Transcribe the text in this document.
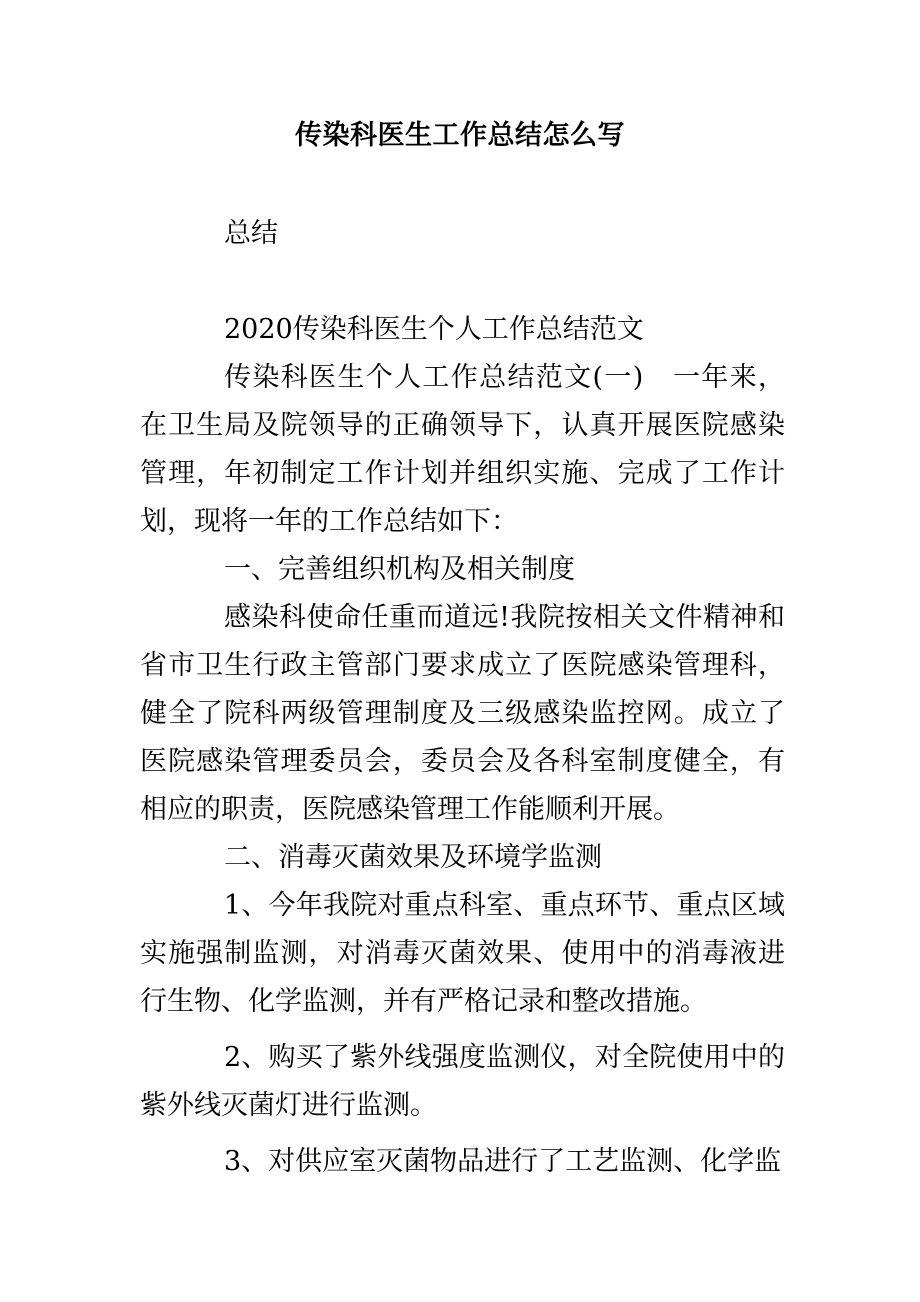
传染科医生工作总结怎么写
总结

2020传染科医生个人工作总结范文

传染科医生个人工作总结范文(一)　一年来，在卫生局及院领导的正确领导下，认真开展医院感染管理，年初制定工作计划并组织实施、完成了工作计划，现将一年的工作总结如下：

一、完善组织机构及相关制度

感染科使命任重而道远!我院按相关文件精神和省市卫生行政主管部门要求成立了医院感染管理科，健全了院科两级管理制度及三级感染监控网。成立了医院感染管理委员会，委员会及各科室制度健全，有相应的职责，医院感染管理工作能顺利开展。

二、消毒灭菌效果及环境学监测

1、今年我院对重点科室、重点环节、重点区域实施强制监测，对消毒灭菌效果、使用中的消毒液进行生物、化学监测，并有严格记录和整改措施。

2、购买了紫外线强度监测仪，对全院使用中的紫外线灭菌灯进行监测。

3、对供应室灭菌物品进行了工艺监测、化学监
